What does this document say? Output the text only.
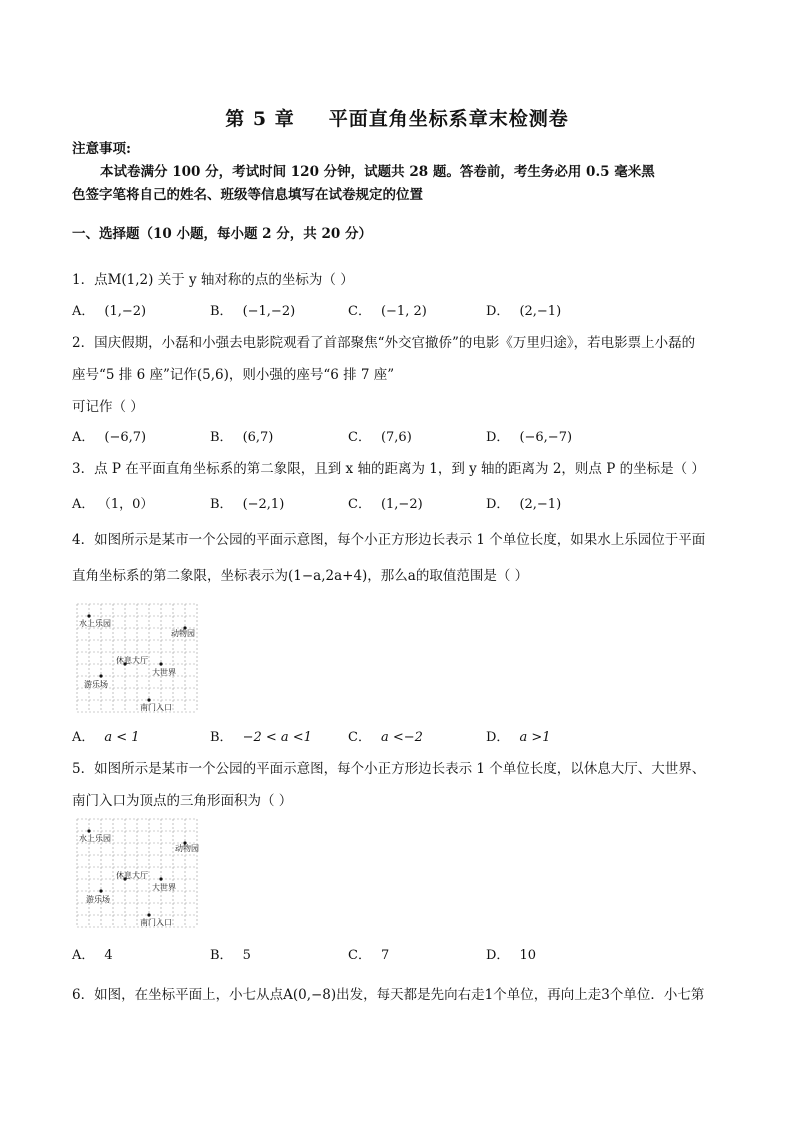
第 5 章 平面直角坐标系章末检测卷
注意事项:
本试卷满分 100 分，考试时间 120 分钟，试题共 28 题。答卷前，考生务必用 0.5 毫米黑
色签字笔将自己的姓名、班级等信息填写在试卷规定的位置
一、选择题（10 小题，每小题 2 分，共 20 分）
1．点M(1,2) 关于 y 轴对称的点的坐标为（ ）
A． (1,−2)	B． (−1,−2)	C． (−1, 2)	D． (2,−1)
2．国庆假期，小磊和小强去电影院观看了首部聚焦“外交官撤侨”的电影《万里归途》，若电影票上小磊的
座号“5 排 6 座”记作(5,6)，则小强的座号“6 排 7 座”
可记作（ ）
A． (−6,7)	B． (6,7)	C． (7,6)	D． (−6,−7)
3．点 P 在平面直角坐标系的第二象限，且到 x 轴的距离为 1，到 y 轴的距离为 2，则点 P 的坐标是（ ）
A． （1，0）	B． (−2,1)	C． (1,−2)	D． (2,−1)
4．如图所示是某市一个公园的平面示意图，每个小正方形边长表示 1 个单位长度，如果水上乐园位于平面
直角坐标系的第二象限，坐标表示为(1−a,2a+4)，那么a的取值范围是（ ）
水上乐园
动物园
休息大厅
大世界
游乐场
南门入口
A． a < 1	B． −2 < a <1	C． a <−2	D． a >1
5．如图所示是某市一个公园的平面示意图，每个小正方形边长表示 1 个单位长度，以休息大厅、大世界、
南门入口为顶点的三角形面积为（ ）
水上乐园
动物园
休息大厅
大世界
游乐场
南门入口
A． 4	B． 5	C． 7	D． 10
6．如图，在坐标平面上，小七从点A(0,−8)出发，每天都是先向右走1个单位，再向上走3个单位．小七第
